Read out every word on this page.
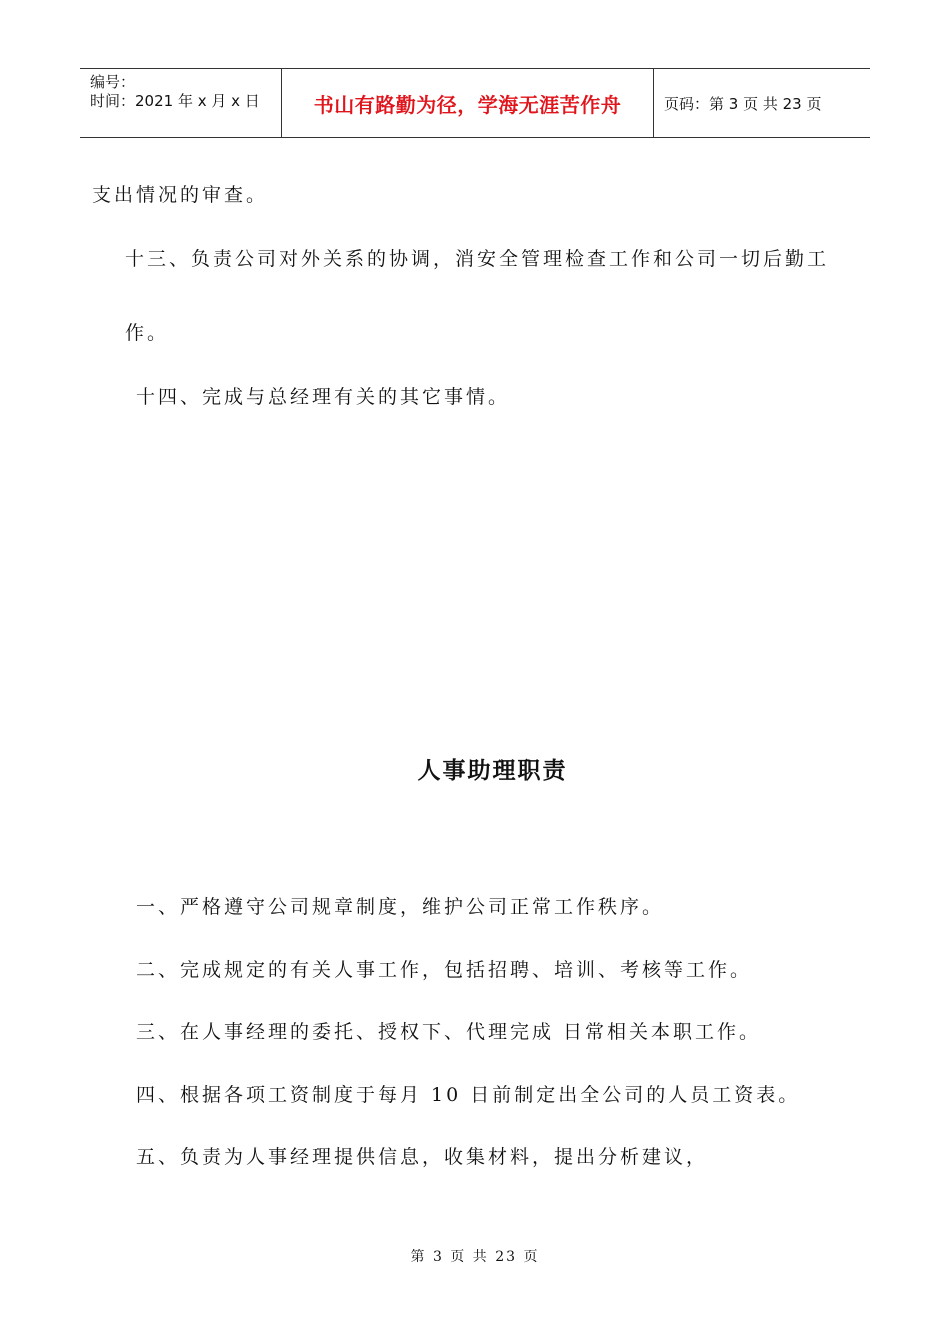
编号：
时间：2021 年 x 月 x 日	书山有路勤为径，学海无涯苦作舟	页码：第 3 页 共 23 页
支出情况的审查。
十三、负责公司对外关系的协调，消安全管理检查工作和公司一切后勤工
作。
十四、完成与总经理有关的其它事情。
人事助理职责
一、严格遵守公司规章制度，维护公司正常工作秩序。
二、完成规定的有关人事工作，包括招聘、培训、考核等工作。
三、在人事经理的委托、授权下、代理完成 日常相关本职工作。
四、根据各项工资制度于每月 10 日前制定出全公司的人员工资表。
五、负责为人事经理提供信息，收集材料，提出分析建议，
第 3 页 共 23 页
